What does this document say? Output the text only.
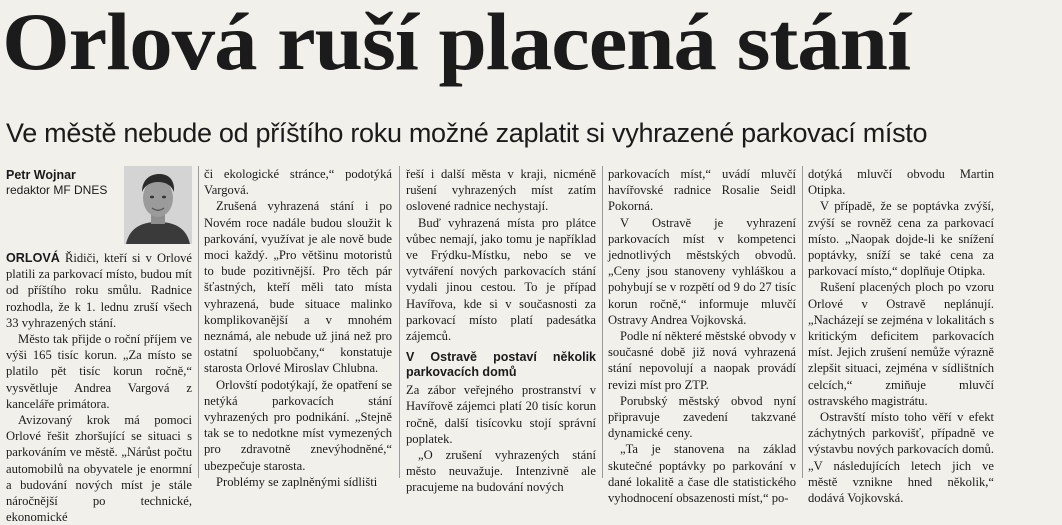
Orlová ruší placená stání
Ve městě nebude od příštího roku možné zaplatit si vyhrazené parkovací místo
Petr Wojnar
redaktor MF DNES

ORLOVÁ Řidiči, kteří si v Orlové platili za parkovací místo, budou mít od příštího roku smůlu. Radnice rozhodla, že k 1. lednu zruší všech 33 vyhrazených stání.

Město tak přijde o roční příjem ve výši 165 tisíc korun. „Za místo se platilo pět tisíc korun ročně,“ vysvětluje Andrea Vargová z kanceláře primátora.

Avizovaný krok má pomoci Orlové řešit zhoršující se situaci s parkováním ve městě. „Nárůst počtu automobilů na obyvatele je enormní a budování nových míst je stále náročnější po technické, ekonomické

či ekologické stránce,“ podotýká Vargová.

Zrušená vyhrazená stání i po Novém roce nadále budou sloužit k parkování, využívat je ale nově bude moci každý. „Pro většinu motoristů to bude pozitivnější. Pro těch pár šťastných, kteří měli tato místa vyhrazená, bude situace malinko komplikovanější a v mnohém neznámá, ale nebude už jiná než pro ostatní spoluobčany,“ konstatuje starosta Orlové Miroslav Chlubna.

Orlovští podotýkají, že opatření se netýká parkovacích stání vyhrazených pro podnikání. „Stejně tak se to nedotkne míst vymezených pro zdravotně znevýhodněné,“ ubezpečuje starosta.

Problémy se zaplněnými sídlišti

řeší i další města v kraji, nicméně rušení vyhrazených míst zatím oslovené radnice nechystají.

Buď vyhrazená místa pro plátce vůbec nemají, jako tomu je například ve Frýdku-Místku, nebo se ve vytváření nových parkovacích stání vydali jinou cestou. To je případ Havířova, kde si v současnosti za parkovací místo platí padesátka zájemců.

V Ostravě postaví několik parkovacích domů

Za zábor veřejného prostranství v Havířově zájemci platí 20 tisíc korun ročně, další tisícovku stojí správní poplatek.

„O zrušení vyhrazených stání město neuvažuje. Intenzivně ale pracujeme na budování nových

parkovacích míst,“ uvádí mluvčí havířovské radnice Rosalie Seidl Pokorná.

V Ostravě je vyhrazení parkovacích míst v kompetenci jednotlivých městských obvodů. „Ceny jsou stanoveny vyhláškou a pohybují se v rozpětí od 9 do 27 tisíc korun ročně,“ informuje mluvčí Ostravy Andrea Vojkovská.

Podle ní některé městské obvody v současné době již nová vyhrazená stání nepovolují a naopak provádí revizi míst pro ZTP.

Porubský městský obvod nyní připravuje zavedení takzvané dynamické ceny.

„Ta je stanovena na základ skutečné poptávky po parkování v dané lokalitě a čase dle statistického vyhodnocení obsazenosti míst,“ po-

dotýká mluvčí obvodu Martin Otipka.

V případě, že se poptávka zvýší, zvýší se rovněž cena za parkovací místo. „Naopak dojde-li ke snížení poptávky, sníží se také cena za parkovací místo,“ doplňuje Otipka.

Rušení placených ploch po vzoru Orlové v Ostravě neplánují. „Nacházejí se zejména v lokalitách s kritickým deficitem parkovacích míst. Jejich zrušení nemůže výrazně zlepšit situaci, zejména v sídlištních celcích,“ zmiňuje mluvčí ostravského magistrátu.

Ostravští místo toho věří v efekt záchytných parkovišť, případně ve výstavbu nových parkovacích domů. „V následujících letech jich ve městě vznikne hned několik,“ dodává Vojkovská.
